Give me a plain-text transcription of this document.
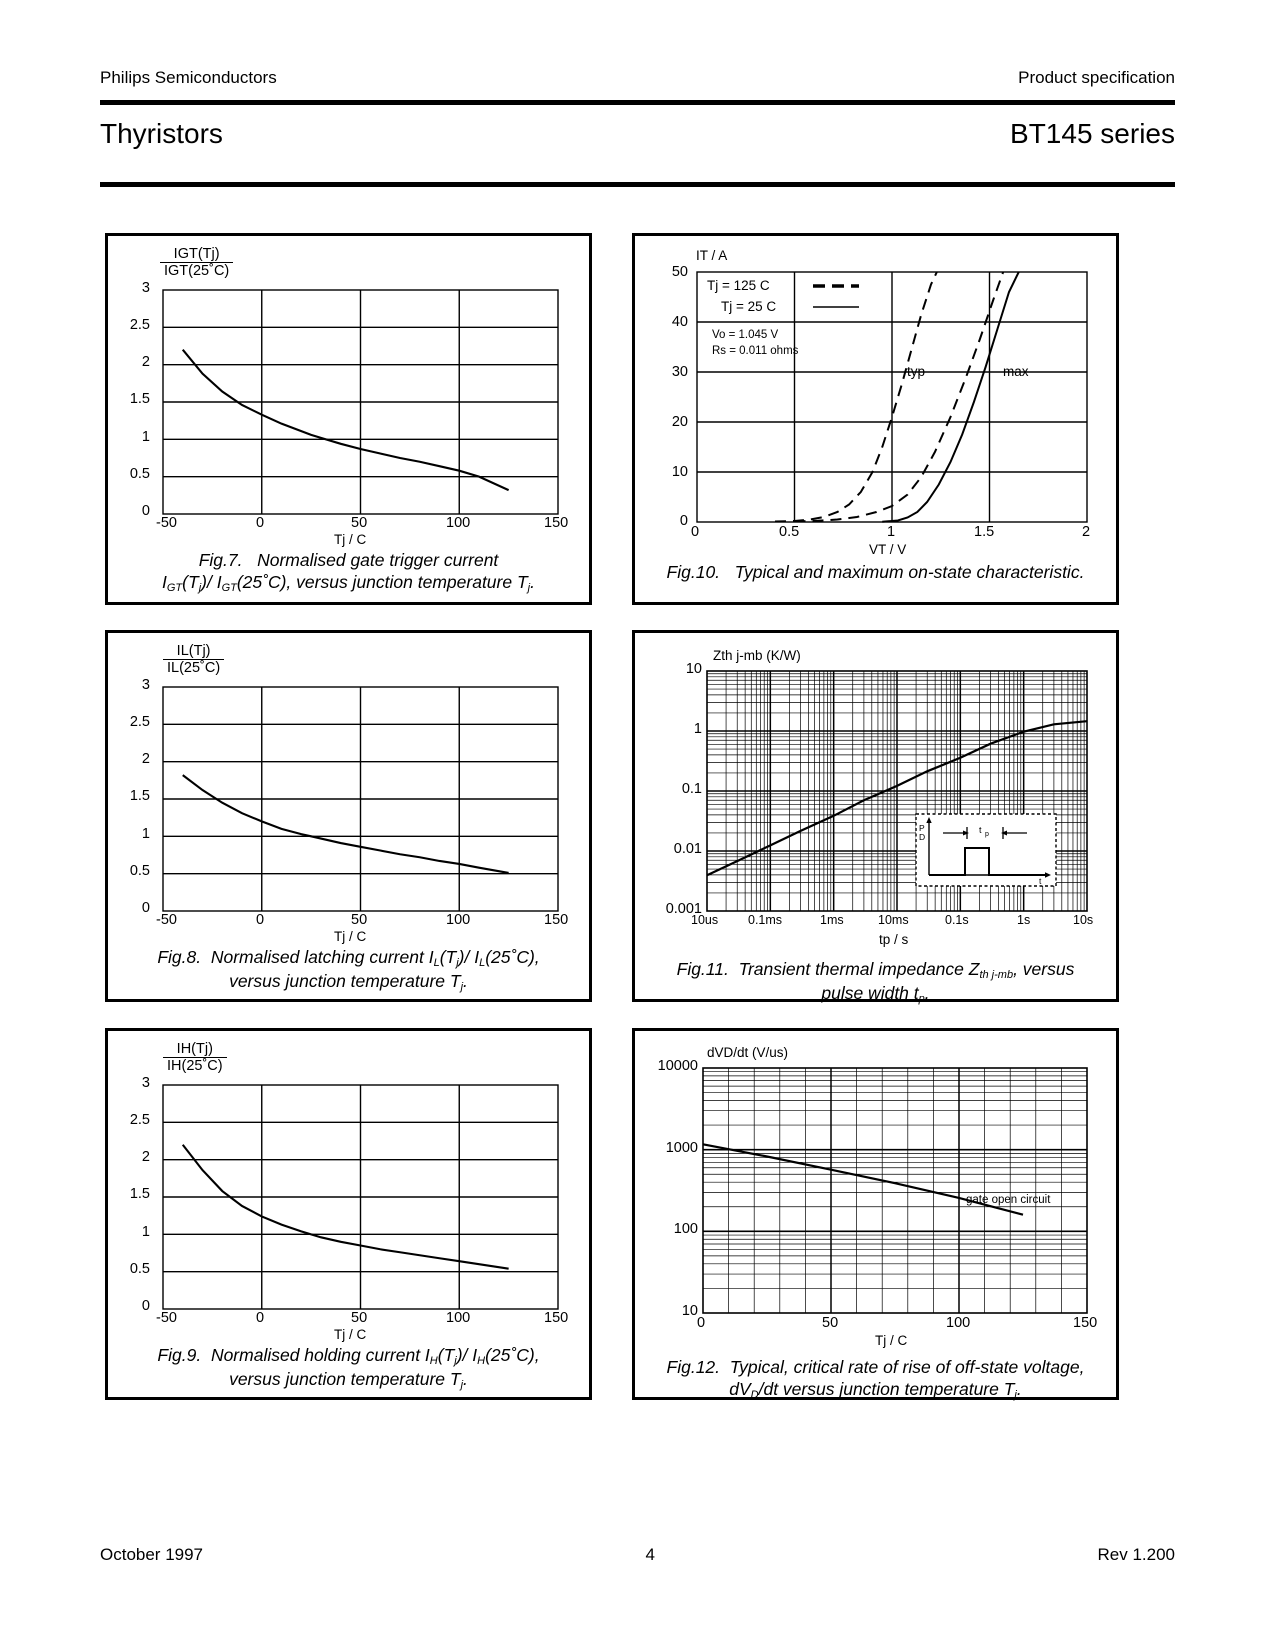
Philips Semiconductors	Product specification
Thyristors	BT145 series
IGT(Tj)
IGT(25˚C)
3
2.5
2
1.5
1
0.5
0
-50	0	50	100	150
Tj / C
Fig.7. Normalised gate trigger current
$I_{GT}(T_j)/$ $I_{GT}(25˚C)$, versus junction temperature $T_j$.
IT / A
Tj = 125 C
Tj = 25 C
Vo = 1.045 V
Rs = 0.011 ohms
typ	max
50
40
30
20
10
0
0	0.5	1	1.5	2
VT / V
Fig.10. Typical and maximum on-state characteristic.
$\frac{IL(Tj)}{IL(25˚C)}$
3
2.5
2
1.5
1
0.5
0
-50	0	50	100	150
Tj / C
Fig.8. Normalised latching current $I_L(T_j)/$ $I_L(25˚C)$,
versus junction temperature $T_j$.
Zth j-mb (K/W)
P
D
t p
t
10
1
0.1
0.01
0.001
10us 0.1ms	1ms	10ms	0.1s	1s	10s
tp / s
Fig.11. Transient thermal impedance $Z_{th j-mb}$, versus
pulse width $t_p$.
$\frac{IH(Tj)}{IH(25˚C)}$
3
2.5
2
1.5
1
0.5
0
-50	0	50	100	150
Tj / C
Fig.9. Normalised holding current $I_H(T_j)/$ $I_H(25˚C)$,
versus junction temperature $T_j$.
dVD/dt (V/us)
10000
1000
100
10
0	50	100	150
Tj / C
gate open circuit
Fig.12. Typical, critical rate of rise of off-state voltage,
$dV_D/dt$ versus junction temperature $T_j$.
October 1997	4	Rev 1.200
